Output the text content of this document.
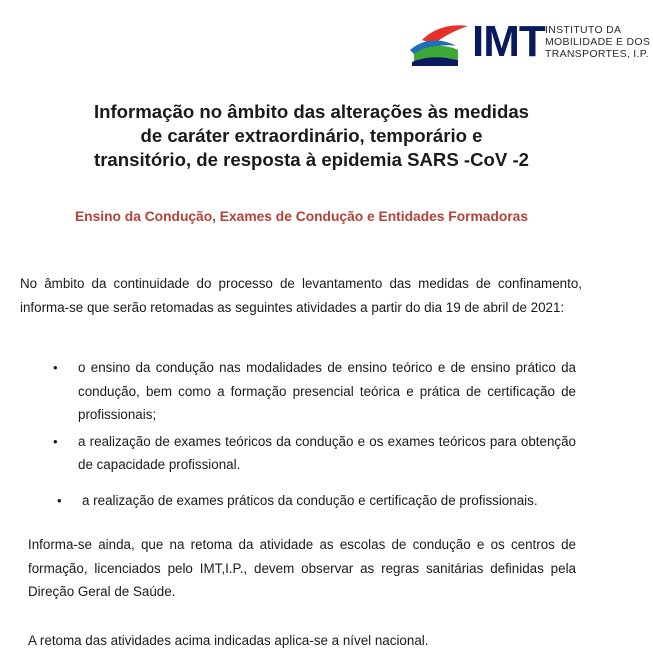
IMT INSTITUTO DA
MOBILIDADE E DOS
TRANSPORTES, I.P.
Informação no âmbito das alterações às medidas
de caráter extraordinário, temporário e
transitório, de resposta à epidemia SARS -CoV -2
Ensino da Condução, Exames de Condução e Entidades Formadoras
No âmbito da continuidade do processo de levantamento das medidas de confinamento, informa-se que serão retomadas as seguintes atividades a partir do dia 19 de abril de 2021:
• o ensino da condução nas modalidades de ensino teórico e de ensino prático da condução, bem como a formação presencial teórica e prática de certificação de profissionais;
• a realização de exames teóricos da condução e os exames teóricos para obtenção de capacidade profissional.
• a realização de exames práticos da condução e certificação de profissionais.
Informa-se ainda, que na retoma da atividade as escolas de condução e os centros de formação, licenciados pelo IMT,I.P., devem observar as regras sanitárias definidas pela Direção Geral de Saúde.
A retoma das atividades acima indicadas aplica-se a nível nacional.
